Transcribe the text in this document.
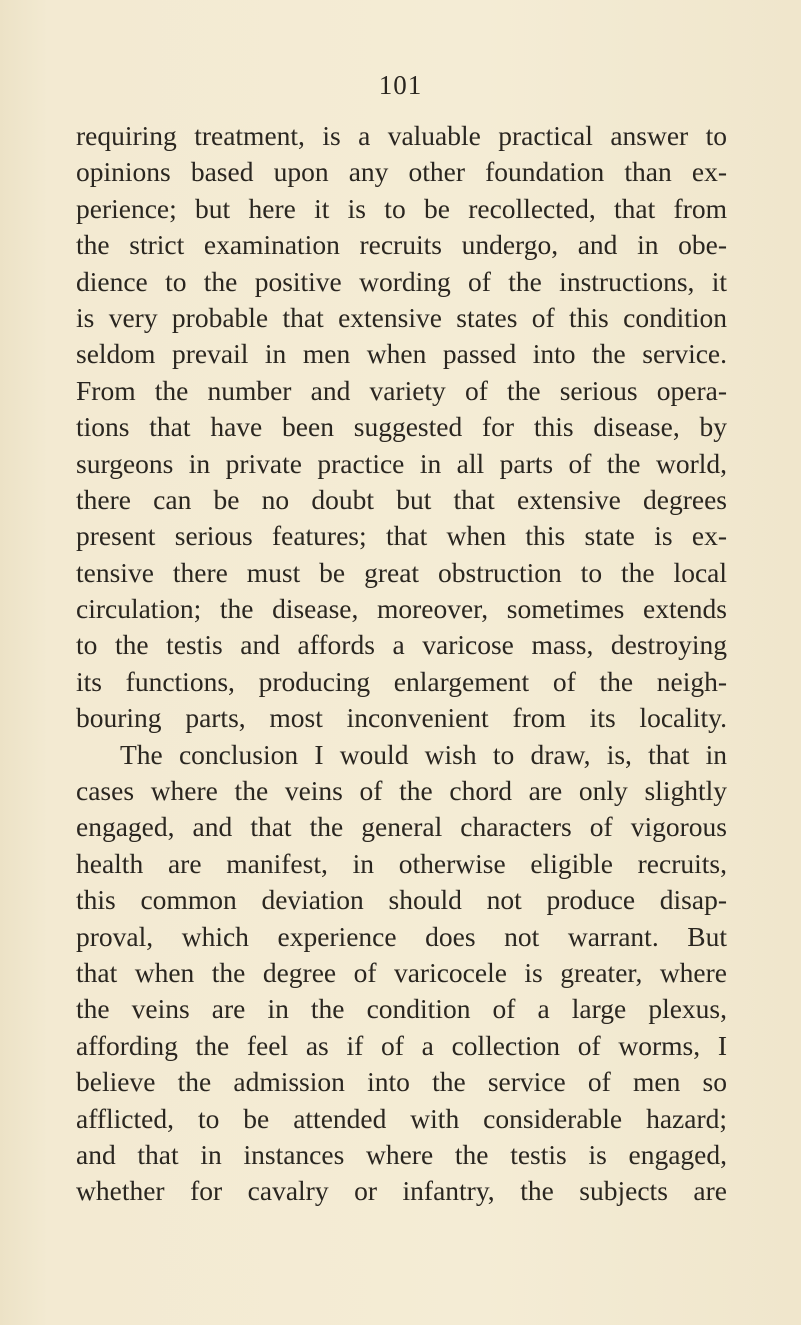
101
requiring treatment, is a valuable practical answer to
opinions based upon any other foundation than ex-
perience; but here it is to be recollected, that from
the strict examination recruits undergo, and in obe-
dience to the positive wording of the instructions, it
is very probable that extensive states of this condition
seldom prevail in men when passed into the service.
From the number and variety of the serious opera-
tions that have been suggested for this disease, by
surgeons in private practice in all parts of the world,
there can be no doubt but that extensive degrees
present serious features; that when this state is ex-
tensive there must be great obstruction to the local
circulation; the disease, moreover, sometimes extends
to the testis and affords a varicose mass, destroying
its functions, producing enlargement of the neigh-
bouring parts, most inconvenient from its locality.
The conclusion I would wish to draw, is, that in
cases where the veins of the chord are only slightly
engaged, and that the general characters of vigorous
health are manifest, in otherwise eligible recruits,
this common deviation should not produce disap-
proval, which experience does not warrant. But
that when the degree of varicocele is greater, where
the veins are in the condition of a large plexus,
affording the feel as if of a collection of worms, I
believe the admission into the service of men so
afflicted, to be attended with considerable hazard;
and that in instances where the testis is engaged,
whether for cavalry or infantry, the subjects are
